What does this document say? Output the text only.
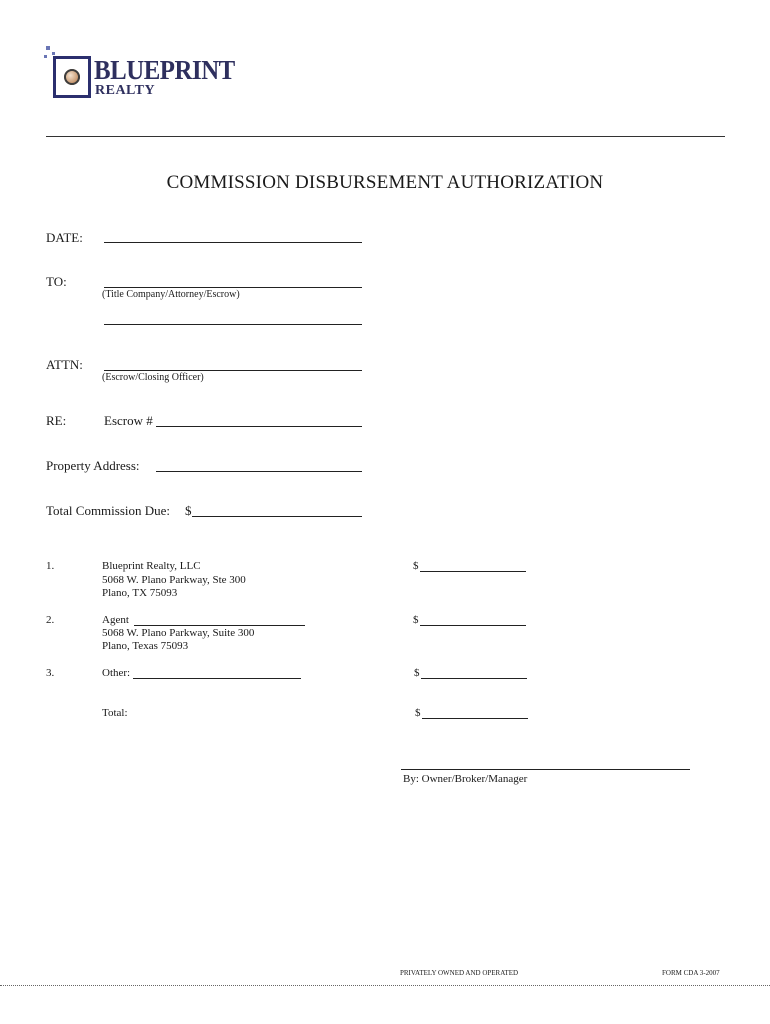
BLUEPRINT
REALTY
COMMISSION DISBURSEMENT AUTHORIZATION
DATE:
TO:
(Title Company/Attorney/Escrow)
ATTN:
(Escrow/Closing Officer)
RE:	Escrow #
Property Address:
Total Commission Due: $
1.	Blueprint Realty, LLC
5068 W. Plano Parkway, Ste 300
Plano, TX 75093
$
2.	Agent
5068 W. Plano Parkway, Suite 300
Plano, Texas 75093
$
3.	Other:	$
Total:	$
By: Owner/Broker/Manager
PRIVATELY OWNED AND OPERATED	FORM CDA 3-2007
